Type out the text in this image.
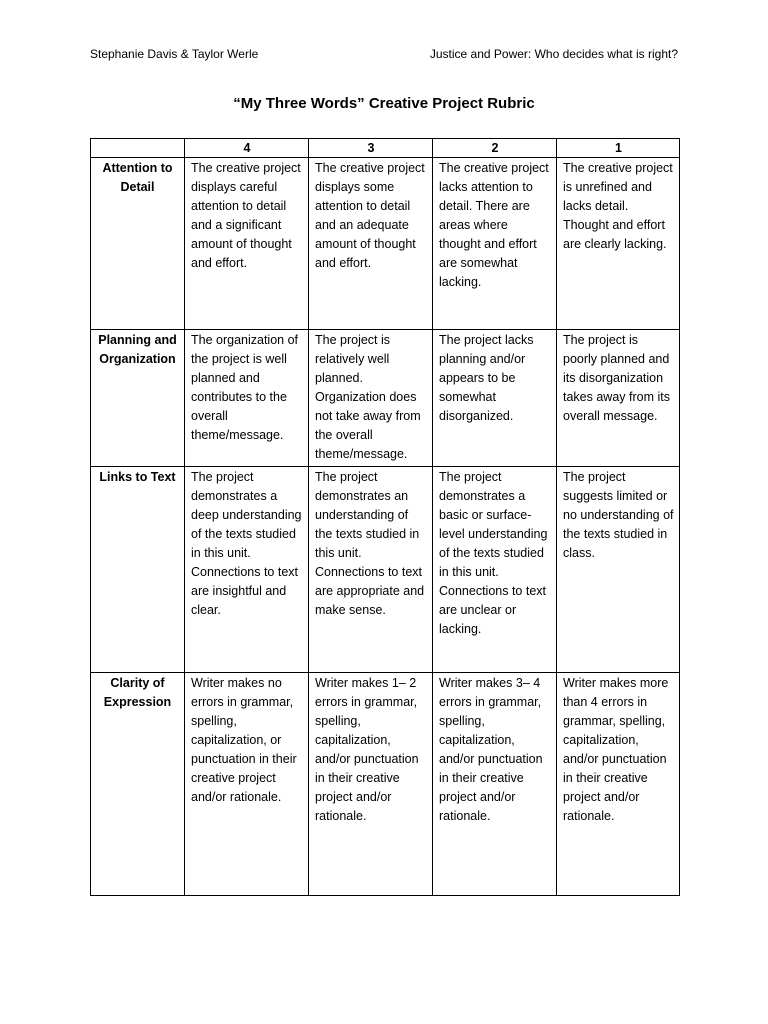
Stephanie Davis & Taylor Werle	Justice and Power: Who decides what is right?
“My Three Words” Creative Project Rubric
	4	3	2	1
Attention to Detail	The creative project displays careful attention to detail and a significant amount of thought and effort.	The creative project displays some attention to detail and an adequate amount of thought and effort.	The creative project lacks attention to detail. There are areas where thought and effort are somewhat lacking.	The creative project is unrefined and lacks detail. Thought and effort are clearly lacking.
Planning and Organization	The organization of the project is well planned and contributes to the overall theme/message.	The project is relatively well planned. Organization does not take away from the overall theme/message.	The project lacks planning and/or appears to be somewhat disorganized.	The project is poorly planned and its disorganization takes away from its overall message.
Links to Text	The project demonstrates a deep understanding of the texts studied in this unit. Connections to text are insightful and clear.	The project demonstrates an understanding of the texts studied in this unit. Connections to text are appropriate and make sense.	The project demonstrates a basic or surface-level understanding of the texts studied in this unit. Connections to text are unclear or lacking.	The project suggests limited or no understanding of the texts studied in class.
Clarity of Expression	Writer makes no errors in grammar, spelling, capitalization, or punctuation in their creative project and/or rationale.	Writer makes 1– 2 errors in grammar, spelling, capitalization, and/or punctuation in their creative project and/or rationale.	Writer makes 3– 4 errors in grammar, spelling, capitalization, and/or punctuation in their creative project and/or rationale.	Writer makes more than 4 errors in grammar, spelling, capitalization, and/or punctuation in their creative project and/or rationale.
